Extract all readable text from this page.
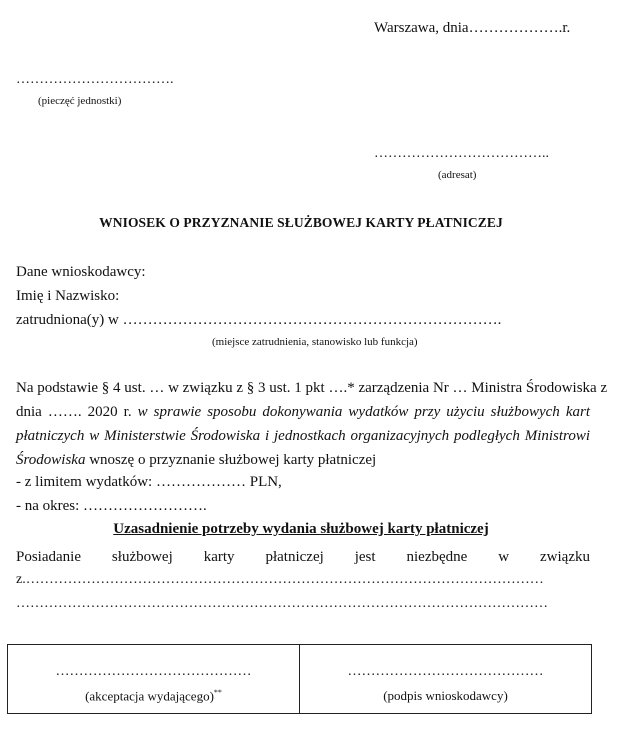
Warszawa, dnia……………….r.
…………………………….
(pieczęć jednostki)
………………………………..
(adresat)
WNIOSEK O PRZYZNANIE SŁUŻBOWEJ KARTY PŁATNICZEJ
Dane wnioskodawcy:
Imię i Nazwisko:
zatrudniona(y) w ………………………………………………………………….
(miejsce zatrudnienia, stanowisko lub funkcja)
Na podstawie § 4 ust. … w związku z § 3 ust. 1 pkt ….* zarządzenia Nr … Ministra Środowiska z
dnia ……. 2020 r. w sprawie sposobu dokonywania wydatków przy użyciu służbowych kart
płatniczych w Ministerstwie Środowiska i jednostkach organizacyjnych podległych Ministrowi
Środowiska wnoszę o przyznanie służbowej karty płatniczej
- z limitem wydatków: ……………… PLN,
- na okres: …………………….
Uzasadnienie potrzeby wydania służbowej karty płatniczej
Posiadanie służbowej karty płatniczej jest niezbędne w związku
z.…………………………………………………………………………………………………
……………………………………………………………………………………………………
……………………………………
(akceptacja wydającego)**
……………………………………
(podpis wnioskodawcy)
